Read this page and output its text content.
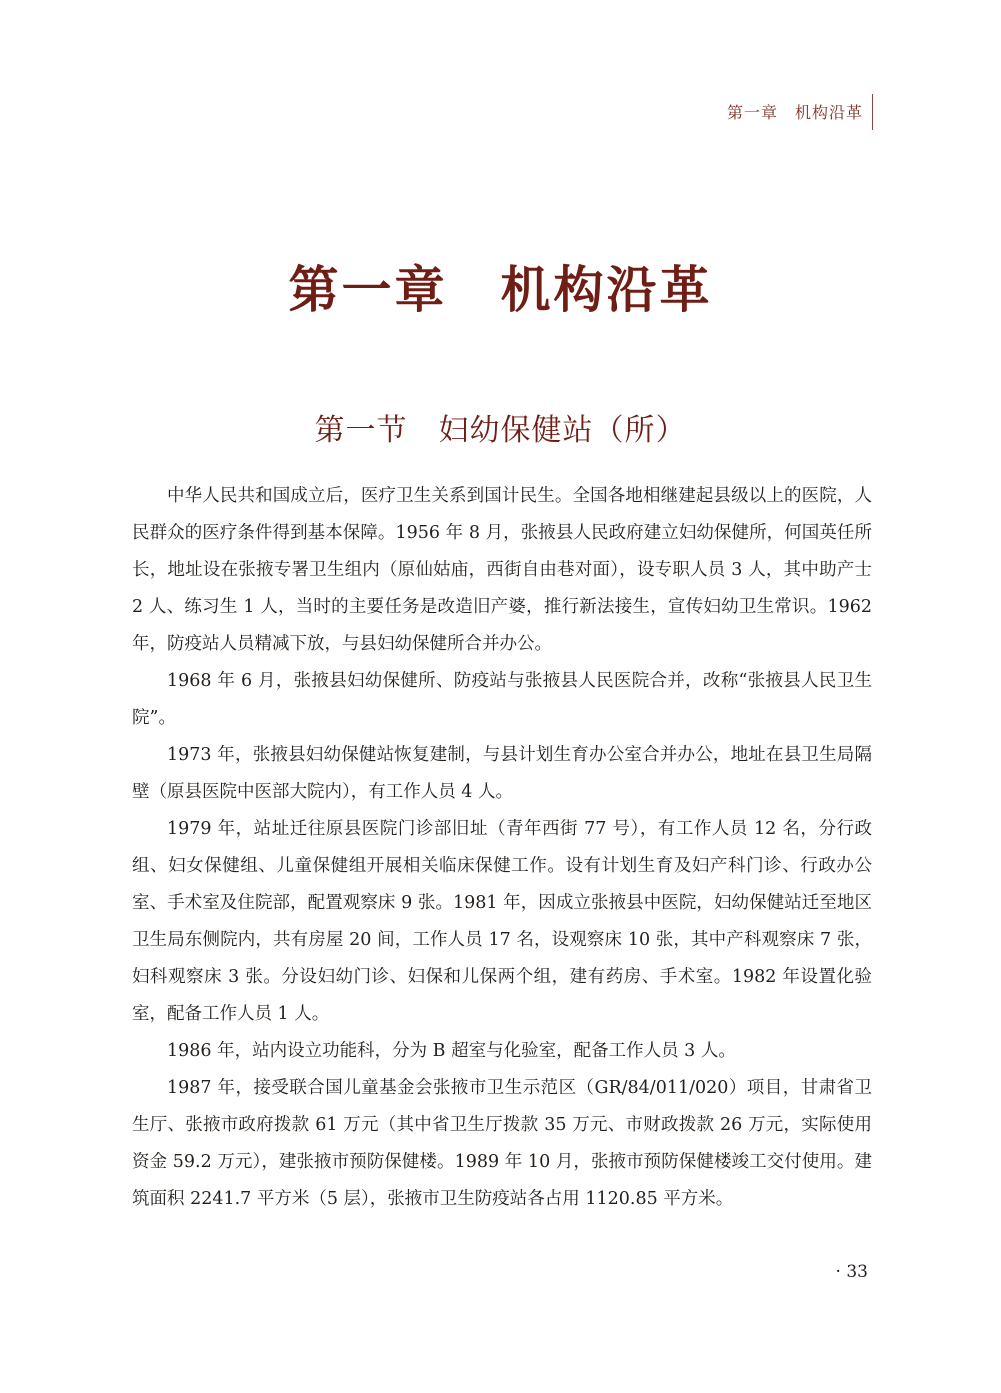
第一章　机构沿革
第一章　机构沿革
第一节　妇幼保健站（所）

中华人民共和国成立后，医疗卫生关系到国计民生。全国各地相继建起县级以上的医院，人民群众的医疗条件得到基本保障。1956 年 8 月，张掖县人民政府建立妇幼保健所，何国英任所长，地址设在张掖专署卫生组内（原仙姑庙，西街自由巷对面），设专职人员 3 人，其中助产士 2 人、练习生 1 人，当时的主要任务是改造旧产婆，推行新法接生，宣传妇幼卫生常识。1962 年，防疫站人员精减下放，与县妇幼保健所合并办公。

1968 年 6 月，张掖县妇幼保健所、防疫站与张掖县人民医院合并，改称“张掖县人民卫生院”。

1973 年，张掖县妇幼保健站恢复建制，与县计划生育办公室合并办公，地址在县卫生局隔壁（原县医院中医部大院内），有工作人员 4 人。

1979 年，站址迁往原县医院门诊部旧址（青年西街 77 号），有工作人员 12 名，分行政组、妇女保健组、儿童保健组开展相关临床保健工作。设有计划生育及妇产科门诊、行政办公室、手术室及住院部，配置观察床 9 张。1981 年，因成立张掖县中医院，妇幼保健站迁至地区卫生局东侧院内，共有房屋 20 间，工作人员 17 名，设观察床 10 张，其中产科观察床 7 张，妇科观察床 3 张。分设妇幼门诊、妇保和儿保两个组，建有药房、手术室。1982 年设置化验室，配备工作人员 1 人。

1986 年，站内设立功能科，分为 B 超室与化验室，配备工作人员 3 人。

1987 年，接受联合国儿童基金会张掖市卫生示范区（GR/84/011/020）项目，甘肃省卫生厅、张掖市政府拨款 61 万元（其中省卫生厅拨款 35 万元、市财政拨款 26 万元，实际使用资金 59.2 万元），建张掖市预防保健楼。1989 年 10 月，张掖市预防保健楼竣工交付使用。建筑面积 2241.7 平方米（5 层），张掖市卫生防疫站各占用 1120.85 平方米。

· 33
